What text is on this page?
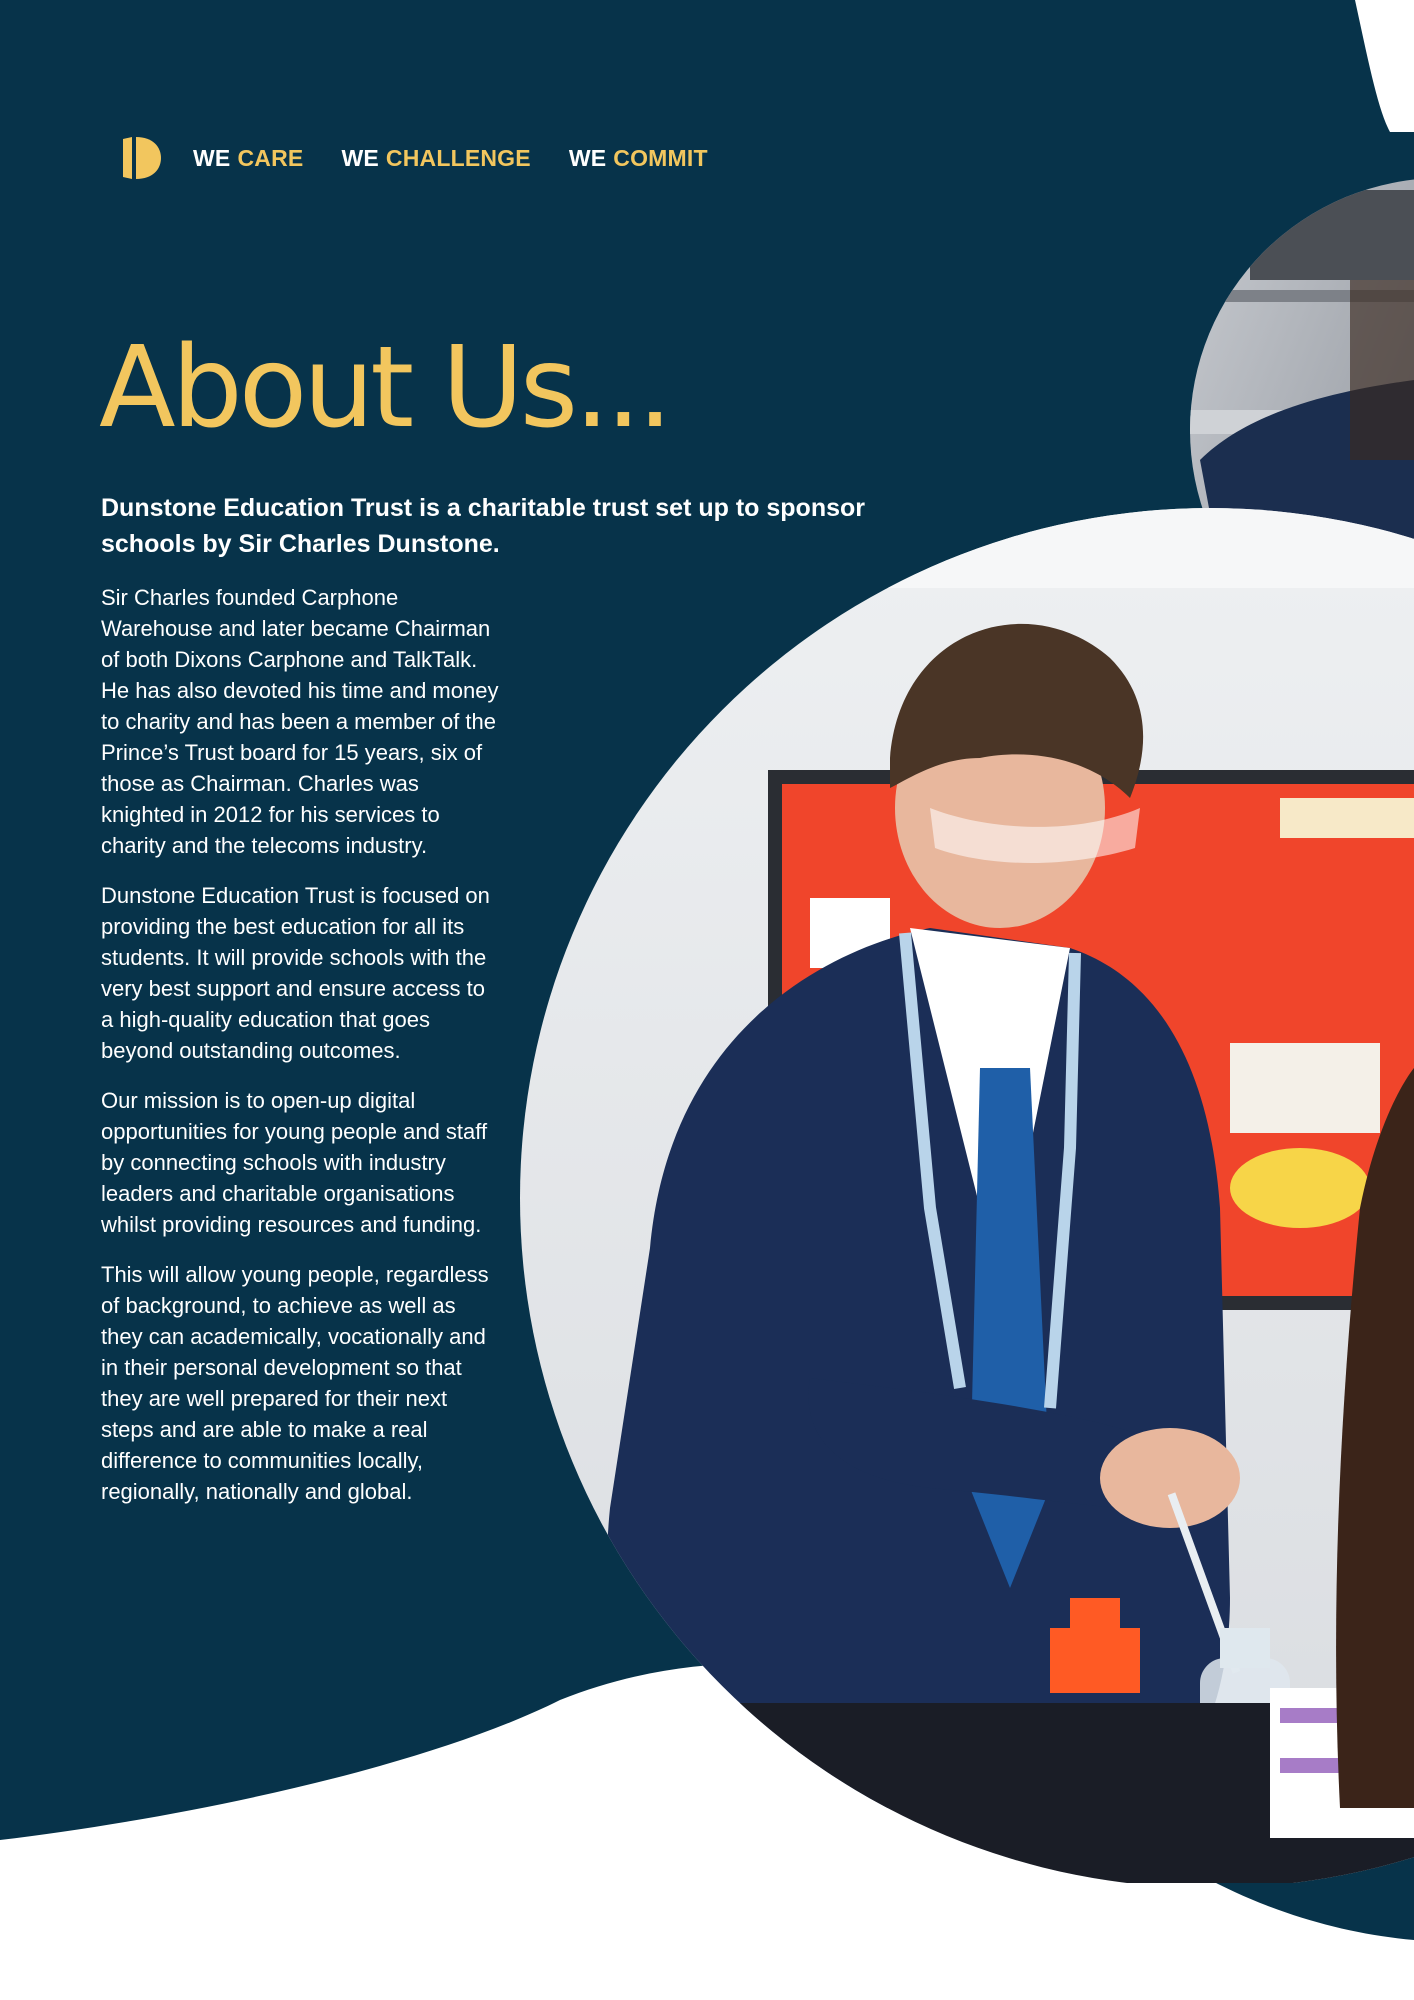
WE CARE WE CHALLENGE WE COMMIT
About Us...

Dunstone Education Trust is a charitable trust set up to sponsor schools by Sir Charles Dunstone.

Sir Charles founded Carphone Warehouse and later became Chairman of both Dixons Carphone and TalkTalk. He has also devoted his time and money to charity and has been a member of the Prince’s Trust board for 15 years, six of those as Chairman. Charles was knighted in 2012 for his services to charity and the telecoms industry.

Dunstone Education Trust is focused on providing the best education for all its students. It will provide schools with the very best support and ensure access to a high-quality education that goes beyond outstanding outcomes.

Our mission is to open-up digital opportunities for young people and staff by connecting schools with industry leaders and charitable organisations whilst providing resources and funding.

This will allow young people, regardless of background, to achieve as well as they can academically, vocationally and in their personal development so that they are well prepared for their next steps and are able to make a real difference to communities locally, regionally, nationally and global.
